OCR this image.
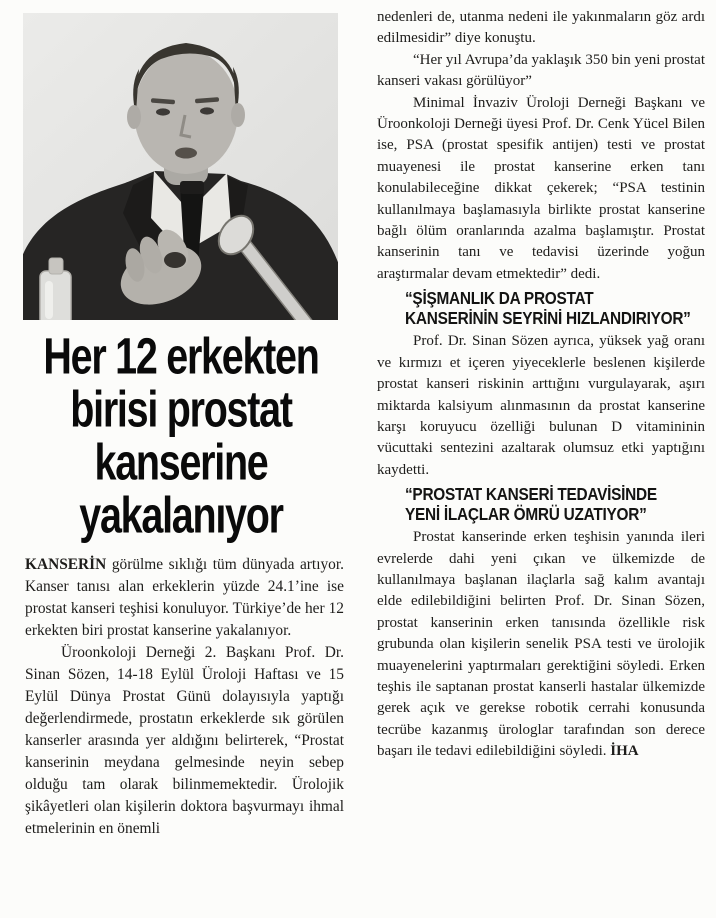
Her 12 erkekten
birisi prostat
kanserine
yakalanıyor

KANSERİN görülme sıklığı tüm dünyada artıyor. Kanser tanısı alan erkeklerin yüzde 24.1’ine ise prostat kanseri teşhisi konuluyor. Türkiye’de her 12 erkekten biri prostat kanserine yakalanıyor.

Üroonkoloji Derneği 2. Başkanı Prof. Dr. Sinan Sözen, 14-18 Eylül Üroloji Haftası ve 15 Eylül Dünya Prostat Günü dolayısıyla yaptığı değerlendirmede, prostatın erkeklerde sık görülen kanserler arasında yer aldığını belirterek, “Prostat kanserinin meydana gelmesinde neyin sebep olduğu tam olarak bilinmemektedir. Ürolojik şikâyetleri olan kişilerin doktora başvurmayı ihmal etmelerinin en önemli

nedenleri de, utanma nedeni ile yakınmaların göz ardı edilmesidir” diye konuştu.

“Her yıl Avrupa’da yaklaşık 350 bin yeni prostat kanseri vakası görülüyor”

Minimal İnvaziv Üroloji Derneği Başkanı ve Üroonkoloji Derneği üyesi Prof. Dr. Cenk Yücel Bilen ise, PSA (prostat spesifik antijen) testi ve prostat muayenesi ile prostat kanserine erken tanı konulabileceğine dikkat çekerek; “PSA testinin kullanılmaya başlamasıyla birlikte prostat kanserine bağlı ölüm oranlarında azalma başlamıştır. Prostat kanserinin tanı ve tedavisi üzerinde yoğun araştırmalar devam etmektedir” dedi.

“ŞİŞMANLIK DA PROSTAT
KANSERİNİN SEYRİNİ HIZLANDIRIYOR”

Prof. Dr. Sinan Sözen ayrıca, yüksek yağ oranı ve kırmızı et içeren yiyeceklerle beslenen kişilerde prostat kanseri riskinin arttığını vurgulayarak, aşırı miktarda kalsiyum alınmasının da prostat kanserine karşı koruyucu özelliği bulunan D vitamininin vücuttaki sentezini azaltarak olumsuz etki yaptığını kaydetti.

“PROSTAT KANSERİ TEDAVİSİNDE
YENİ İLAÇLAR ÖMRÜ UZATIYOR”

Prostat kanserinde erken teşhisin yanında ileri evrelerde dahi yeni çıkan ve ülkemizde de kullanılmaya başlanan ilaçlarla sağ kalım avantajı elde edilebildiğini belirten Prof. Dr. Sinan Sözen, prostat kanserinin erken tanısında özellikle risk grubunda olan kişilerin senelik PSA testi ve ürolojik muayenelerini yaptırmaları gerektiğini söyledi. Erken teşhis ile saptanan prostat kanserli hastalar ülkemizde gerek açık ve gerekse robotik cerrahi konusunda tecrübe kazanmış ürologlar tarafından son derece başarı ile tedavi edilebildiğini söyledi. İHA
